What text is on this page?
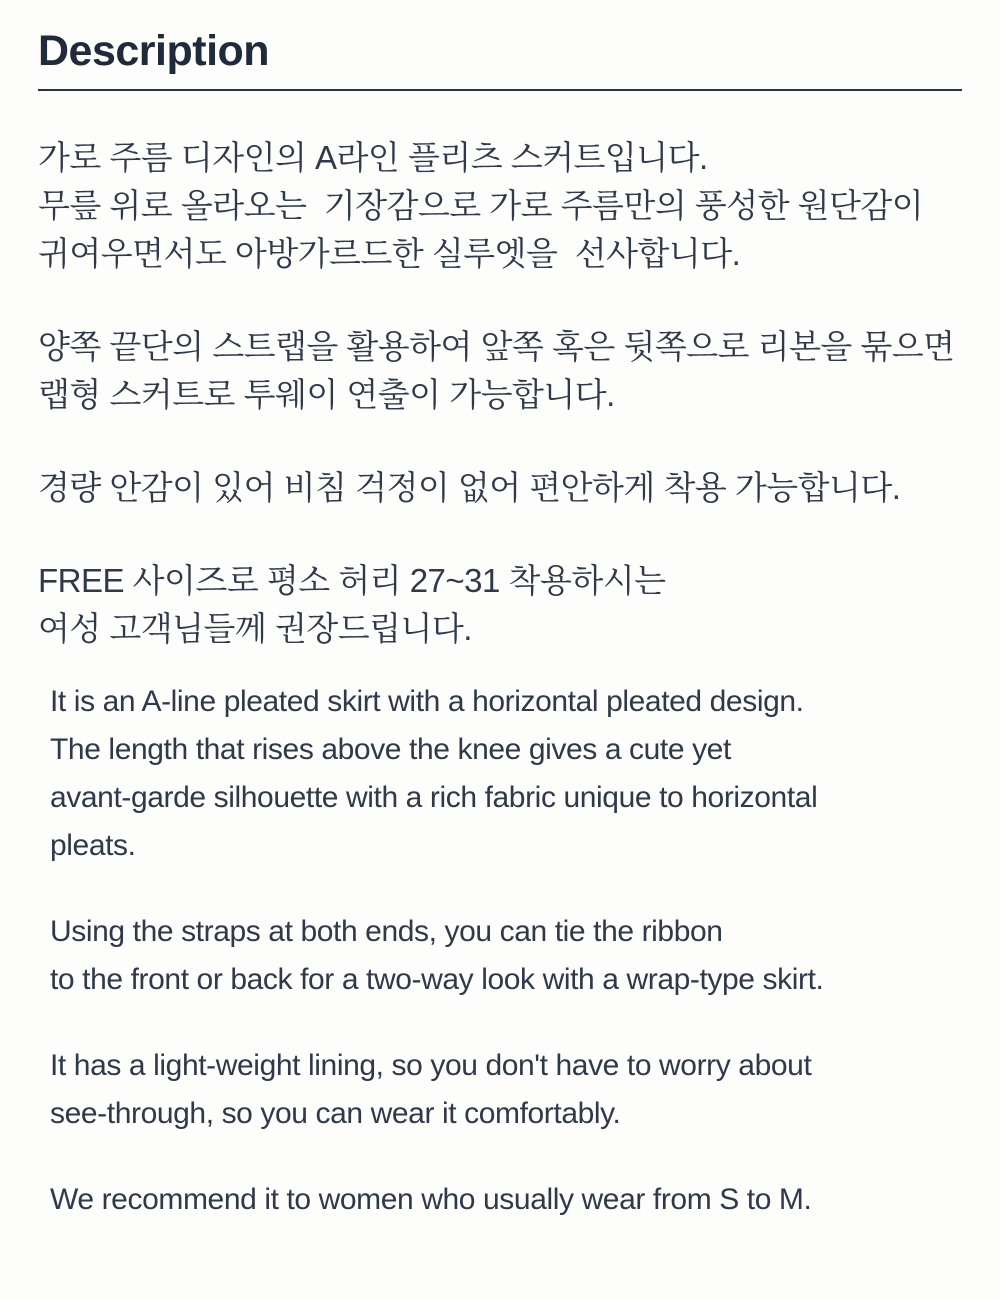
Description

가로 주름 디자인의 A라인 플리츠 스커트입니다.
무릎 위로 올라오는  기장감으로 가로 주름만의 풍성한 원단감이
귀여우면서도 아방가르드한 실루엣을  선사합니다.

양쪽 끝단의 스트랩을 활용하여 앞쪽 혹은 뒷쪽으로 리본을 묶으면
랩형 스커트로 투웨이 연출이 가능합니다.

경량 안감이 있어 비침 걱정이 없어 편안하게 착용 가능합니다.

FREE 사이즈로 평소 허리 27~31 착용하시는
여성 고객님들께 권장드립니다.

It is an A-line pleated skirt with a horizontal pleated design.
The length that rises above the knee gives a cute yet
avant-garde silhouette with a rich fabric unique to horizontal
pleats.

Using the straps at both ends, you can tie the ribbon
to the front or back for a two-way look with a wrap-type skirt.

It has a light-weight lining, so you don't have to worry about
see-through, so you can wear it comfortably.

We recommend it to women who usually wear from S to M.
